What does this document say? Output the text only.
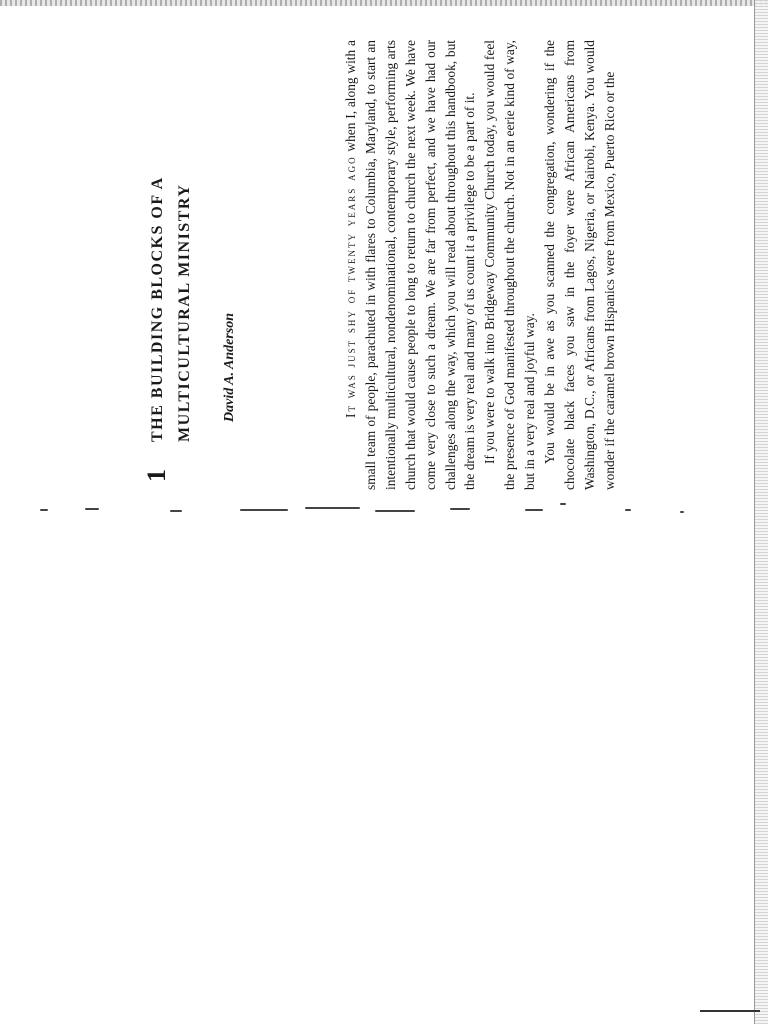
1
THE BUILDING BLOCKS OF A MULTICULTURAL MINISTRY	David A. Anderson	It was just shy of twenty years ago when I, along with a small team of people, parachuted in with flares to Columbia, Maryland, to start an intentionally multicultural, nondenominational, contemporary style, performing arts church that would cause people to long to return to church the next week. We have come very close to such a dream. We are far from perfect, and we have had our challenges along the way, which you will read about throughout this handbook, but the dream is very real and many of us count it a privilege to be a part of it. If you were to walk into Bridgeway Community Church today, you would feel the presence of God manifested throughout the church. Not in an eerie kind of way, but in a very real and joyful way. You would be in awe as you scanned the congregation, wondering if the chocolate black faces you saw in the foyer were African Americans from Washington, D.C., or Africans from Lagos, Nigeria, or Nairobi, Kenya. You would wonder if the caramel brown Hispanics were from Mexico, Puerto Rico or the
